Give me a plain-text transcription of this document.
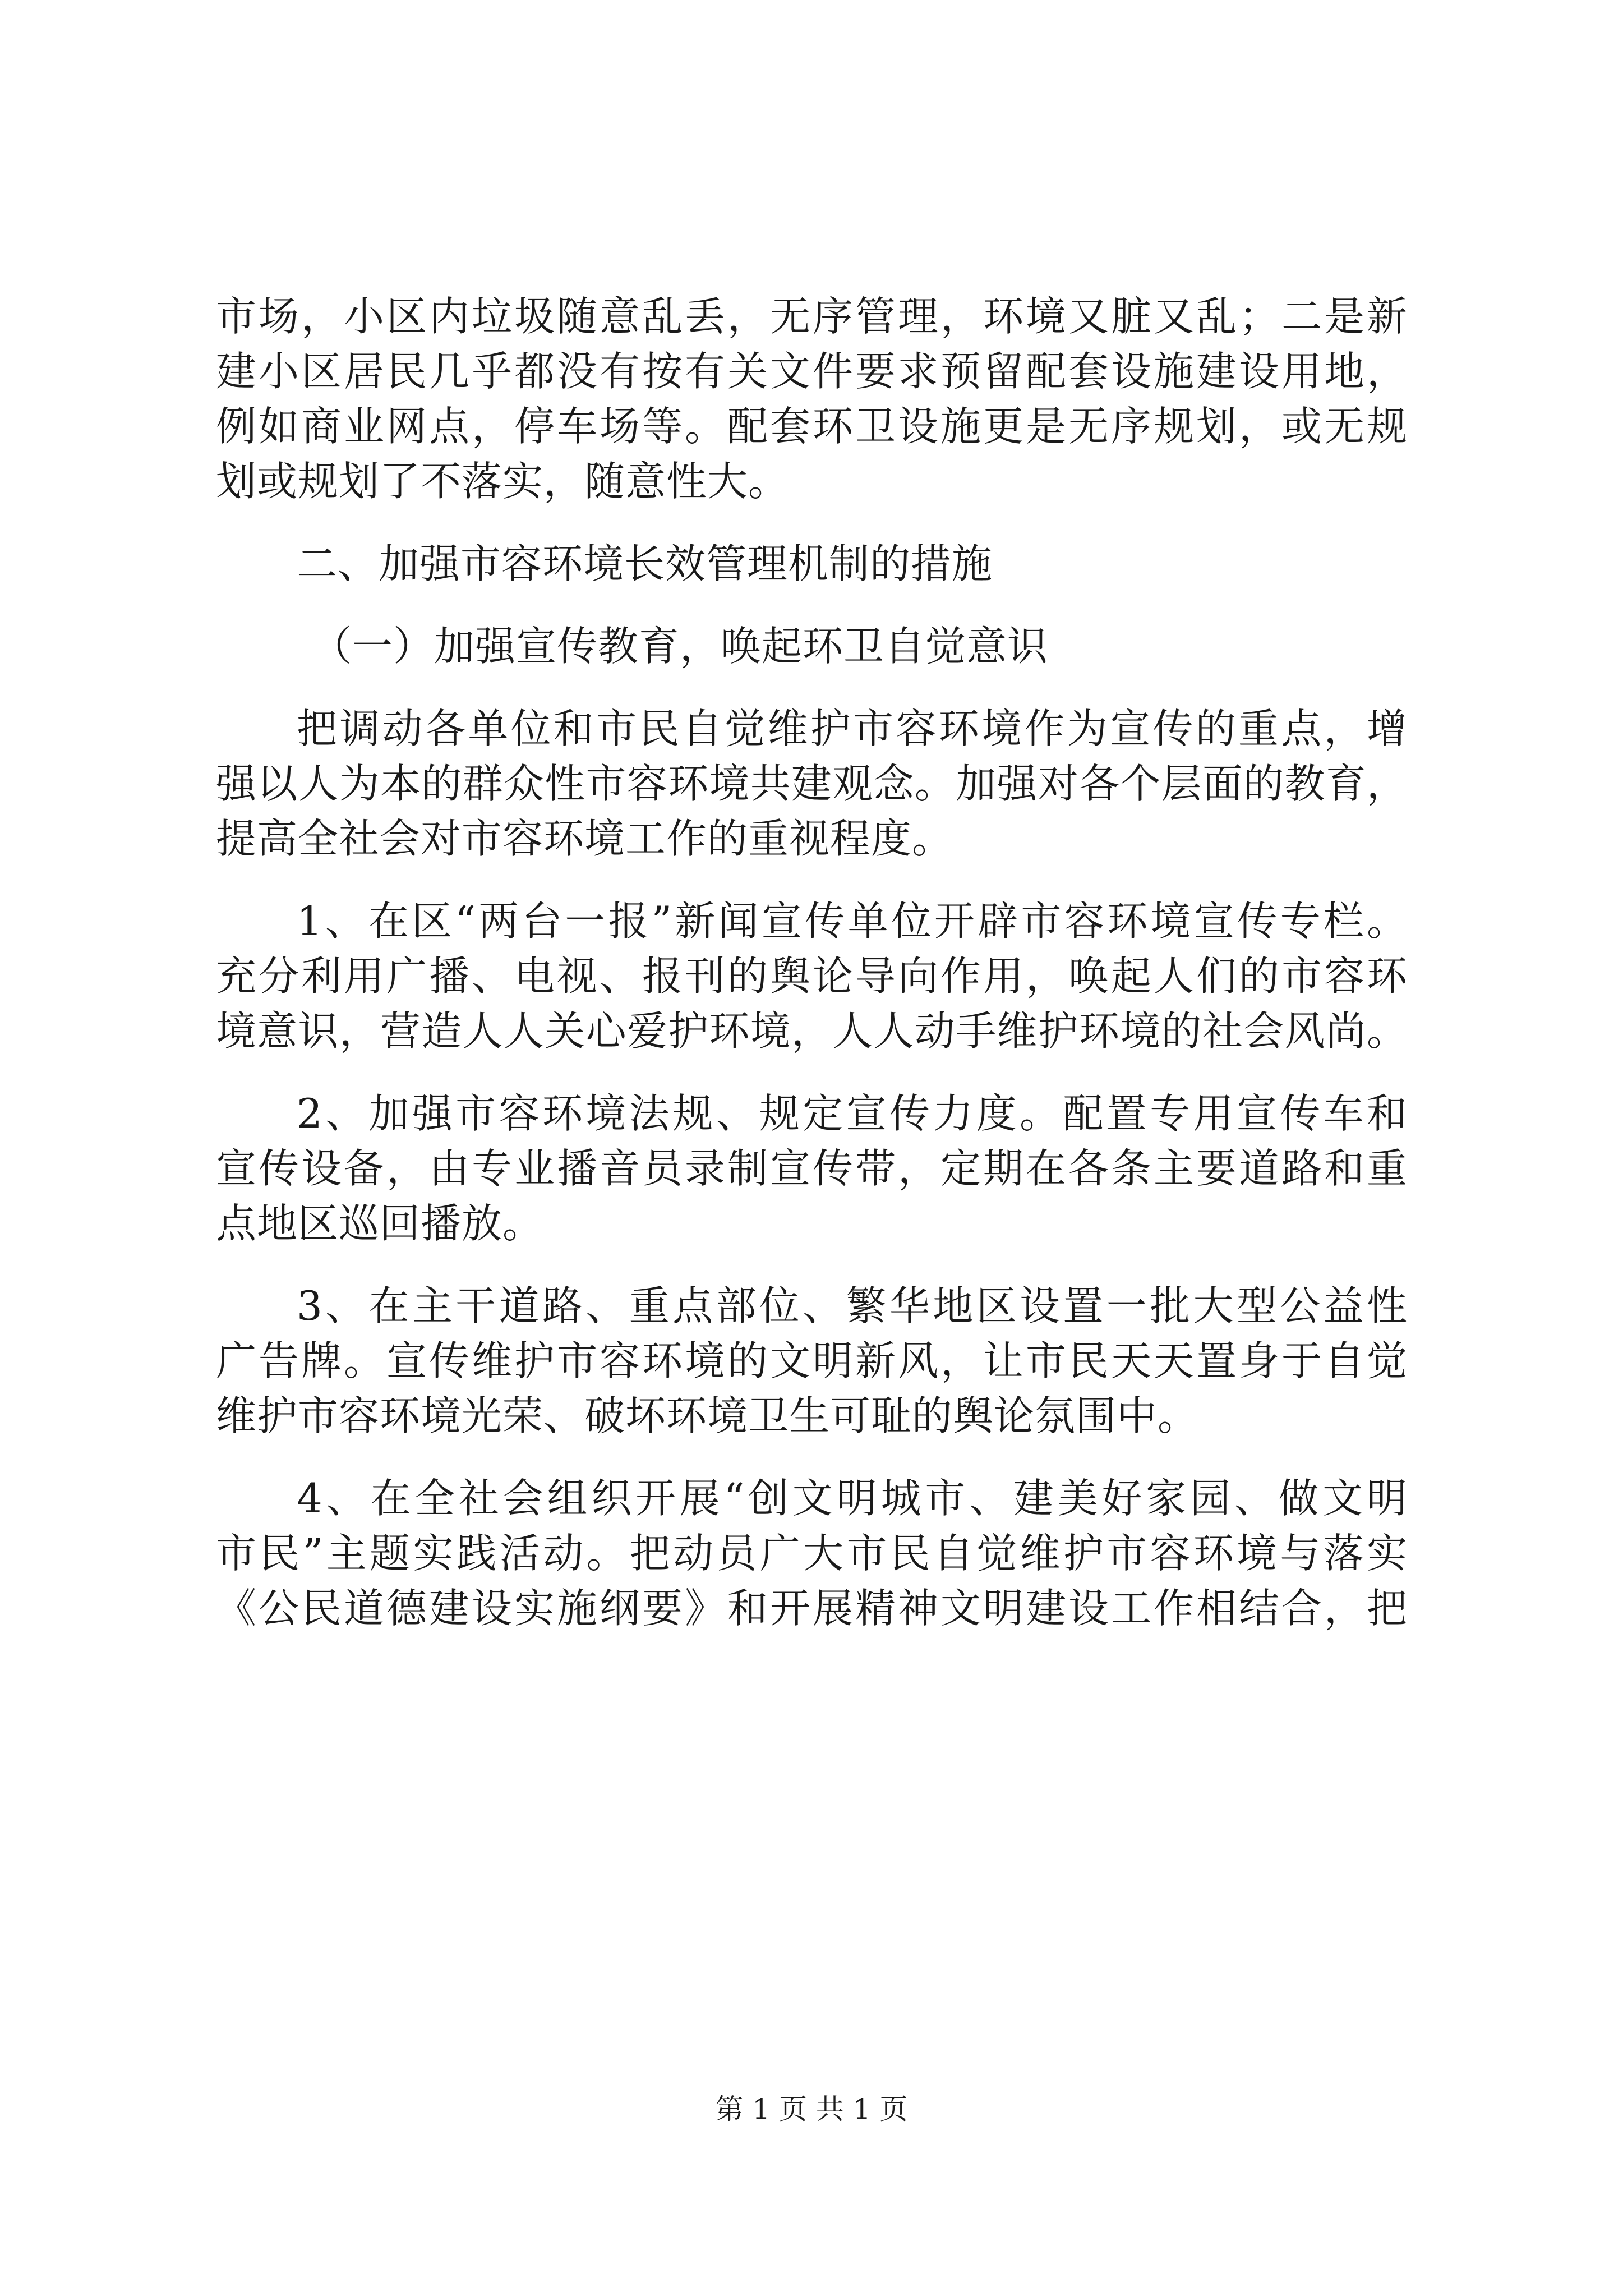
市场，小区内垃圾随意乱丢，无序管理，环境又脏又乱；二是新
建小区居民几乎都没有按有关文件要求预留配套设施建设用地，
例如商业网点，停车场等。配套环卫设施更是无序规划，或无规
划或规划了不落实，随意性大。
二、加强市容环境长效管理机制的措施
（一）加强宣传教育，唤起环卫自觉意识
把调动各单位和市民自觉维护市容环境作为宣传的重点，增
强以人为本的群众性市容环境共建观念。加强对各个层面的教育，
提高全社会对市容环境工作的重视程度。
1、在区“两台一报”新闻宣传单位开辟市容环境宣传专栏。
充分利用广播、电视、报刊的舆论导向作用，唤起人们的市容环
境意识，营造人人关心爱护环境，人人动手维护环境的社会风尚。
2、加强市容环境法规、规定宣传力度。配置专用宣传车和
宣传设备，由专业播音员录制宣传带，定期在各条主要道路和重
点地区巡回播放。
3、在主干道路、重点部位、繁华地区设置一批大型公益性
广告牌。宣传维护市容环境的文明新风，让市民天天置身于自觉
维护市容环境光荣、破坏环境卫生可耻的舆论氛围中。
4、在全社会组织开展“创文明城市、建美好家园、做文明
市民”主题实践活动。把动员广大市民自觉维护市容环境与落实
《公民道德建设实施纲要》和开展精神文明建设工作相结合，把
第 1 页 共 1 页
